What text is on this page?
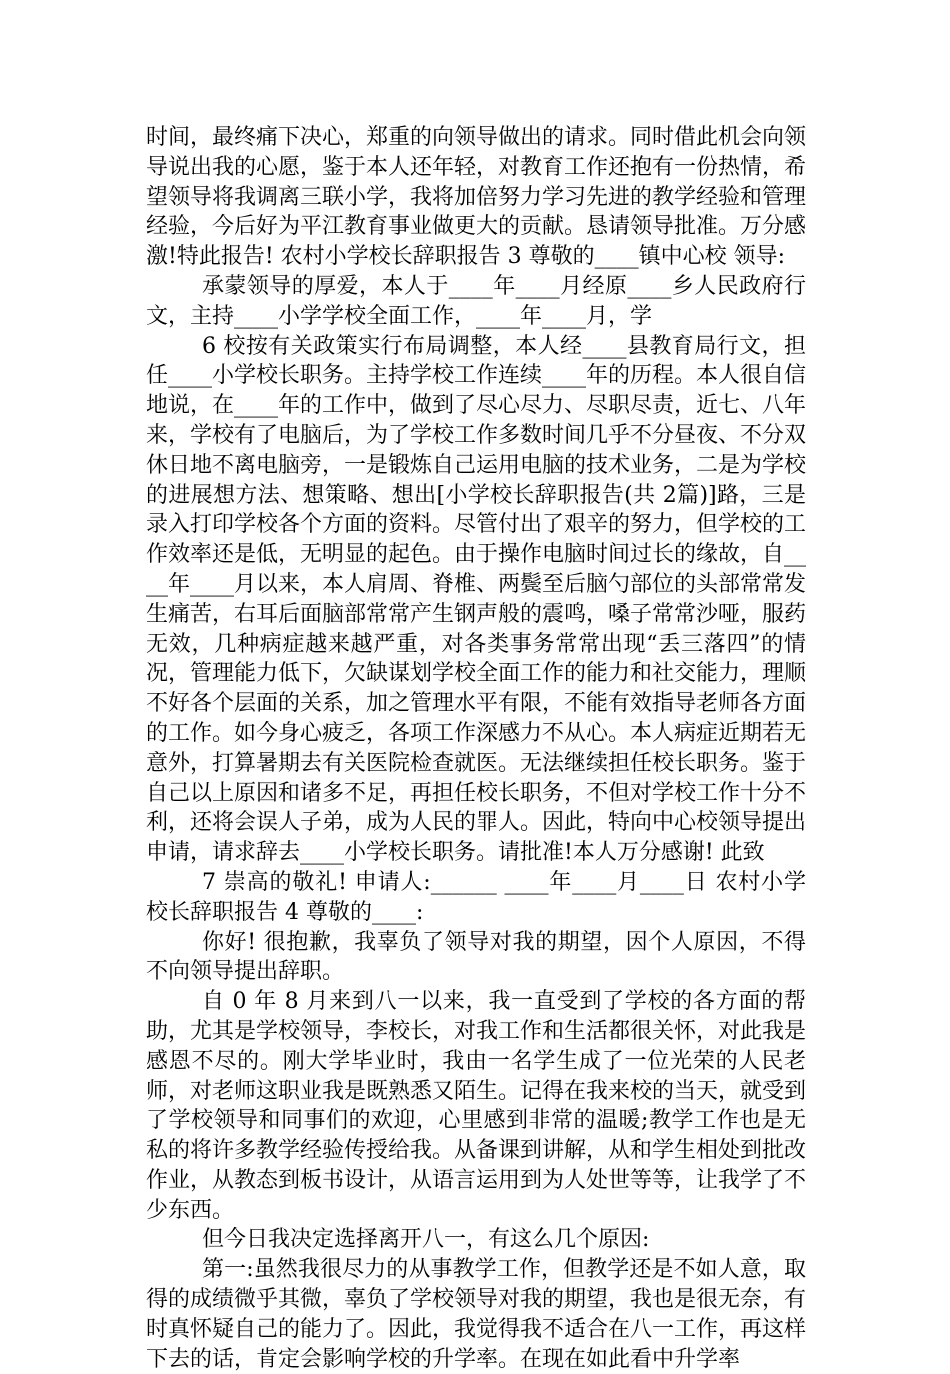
时间，最终痛下决心，郑重的向领导做出的请求。同时借此机会向领导说出我的心愿，鉴于本人还年轻，对教育工作还抱有一份热情，希望领导将我调离三联小学，我将加倍努力学习先进的教学经验和管理经验，今后好为平江教育事业做更大的贡献。恳请领导批准。万分感激!特此报告! 农村小学校长辞职报告 3 尊敬的____镇中心校 领导:

承蒙领导的厚爱，本人于____年____月经原____乡人民政府行文，主持____小学学校全面工作，____年____月，学

6 校按有关政策实行布局调整，本人经____县教育局行文，担任____小学校长职务。主持学校工作连续____年的历程。本人很自信地说，在____年的工作中，做到了尽心尽力、尽职尽责，近七、八年来，学校有了电脑后，为了学校工作多数时间几乎不分昼夜、不分双休日地不离电脑旁，一是锻炼自己运用电脑的技术业务，二是为学校的进展想方法、想策略、想出[小学校长辞职报告(共 2篇)]路，三是录入打印学校各个方面的资料。尽管付出了艰辛的努力，但学校的工作效率还是低，无明显的起色。由于操作电脑时间过长的缘故，自____年____月以来，本人肩周、脊椎、两鬓至后脑勺部位的头部常常发生痛苦，右耳后面脑部常常产生钢声般的震鸣，嗓子常常沙哑，服药无效，几种病症越来越严重，对各类事务常常出现“丢三落四”的情况，管理能力低下，欠缺谋划学校全面工作的能力和社交能力，理顺不好各个层面的关系，加之管理水平有限，不能有效指导老师各方面的工作。如今身心疲乏，各项工作深感力不从心。本人病症近期若无意外，打算暑期去有关医院检查就医。无法继续担任校长职务。鉴于自己以上原因和诸多不足，再担任校长职务，不但对学校工作十分不利，还将会误人子弟，成为人民的罪人。因此，特向中心校领导提出申请，请求辞去____小学校长职务。请批准!本人万分感谢! 此致

7 崇高的敬礼! 申请人:______ ____年____月____日 农村小学校长辞职报告 4 尊敬的____:

你好! 很抱歉，我辜负了领导对我的期望，因个人原因，不得不向领导提出辞职。

自 0 年 8 月来到八一以来，我一直受到了学校的各方面的帮助，尤其是学校领导，李校长，对我工作和生活都很关怀，对此我是感恩不尽的。刚大学毕业时，我由一名学生成了一位光荣的人民老师，对老师这职业我是既熟悉又陌生。记得在我来校的当天，就受到了学校领导和同事们的欢迎，心里感到非常的温暖;教学工作也是无私的将许多教学经验传授给我。从备课到讲解，从和学生相处到批改作业，从教态到板书设计，从语言运用到为人处世等等，让我学了不少东西。

但今日我决定选择离开八一，有这么几个原因:

第一:虽然我很尽力的从事教学工作，但教学还是不如人意，取得的成绩微乎其微，辜负了学校领导对我的期望，我也是很无奈，有时真怀疑自己的能力了。因此，我觉得我不适合在八一工作，再这样下去的话，肯定会影响学校的升学率。在现在如此看中升学率
